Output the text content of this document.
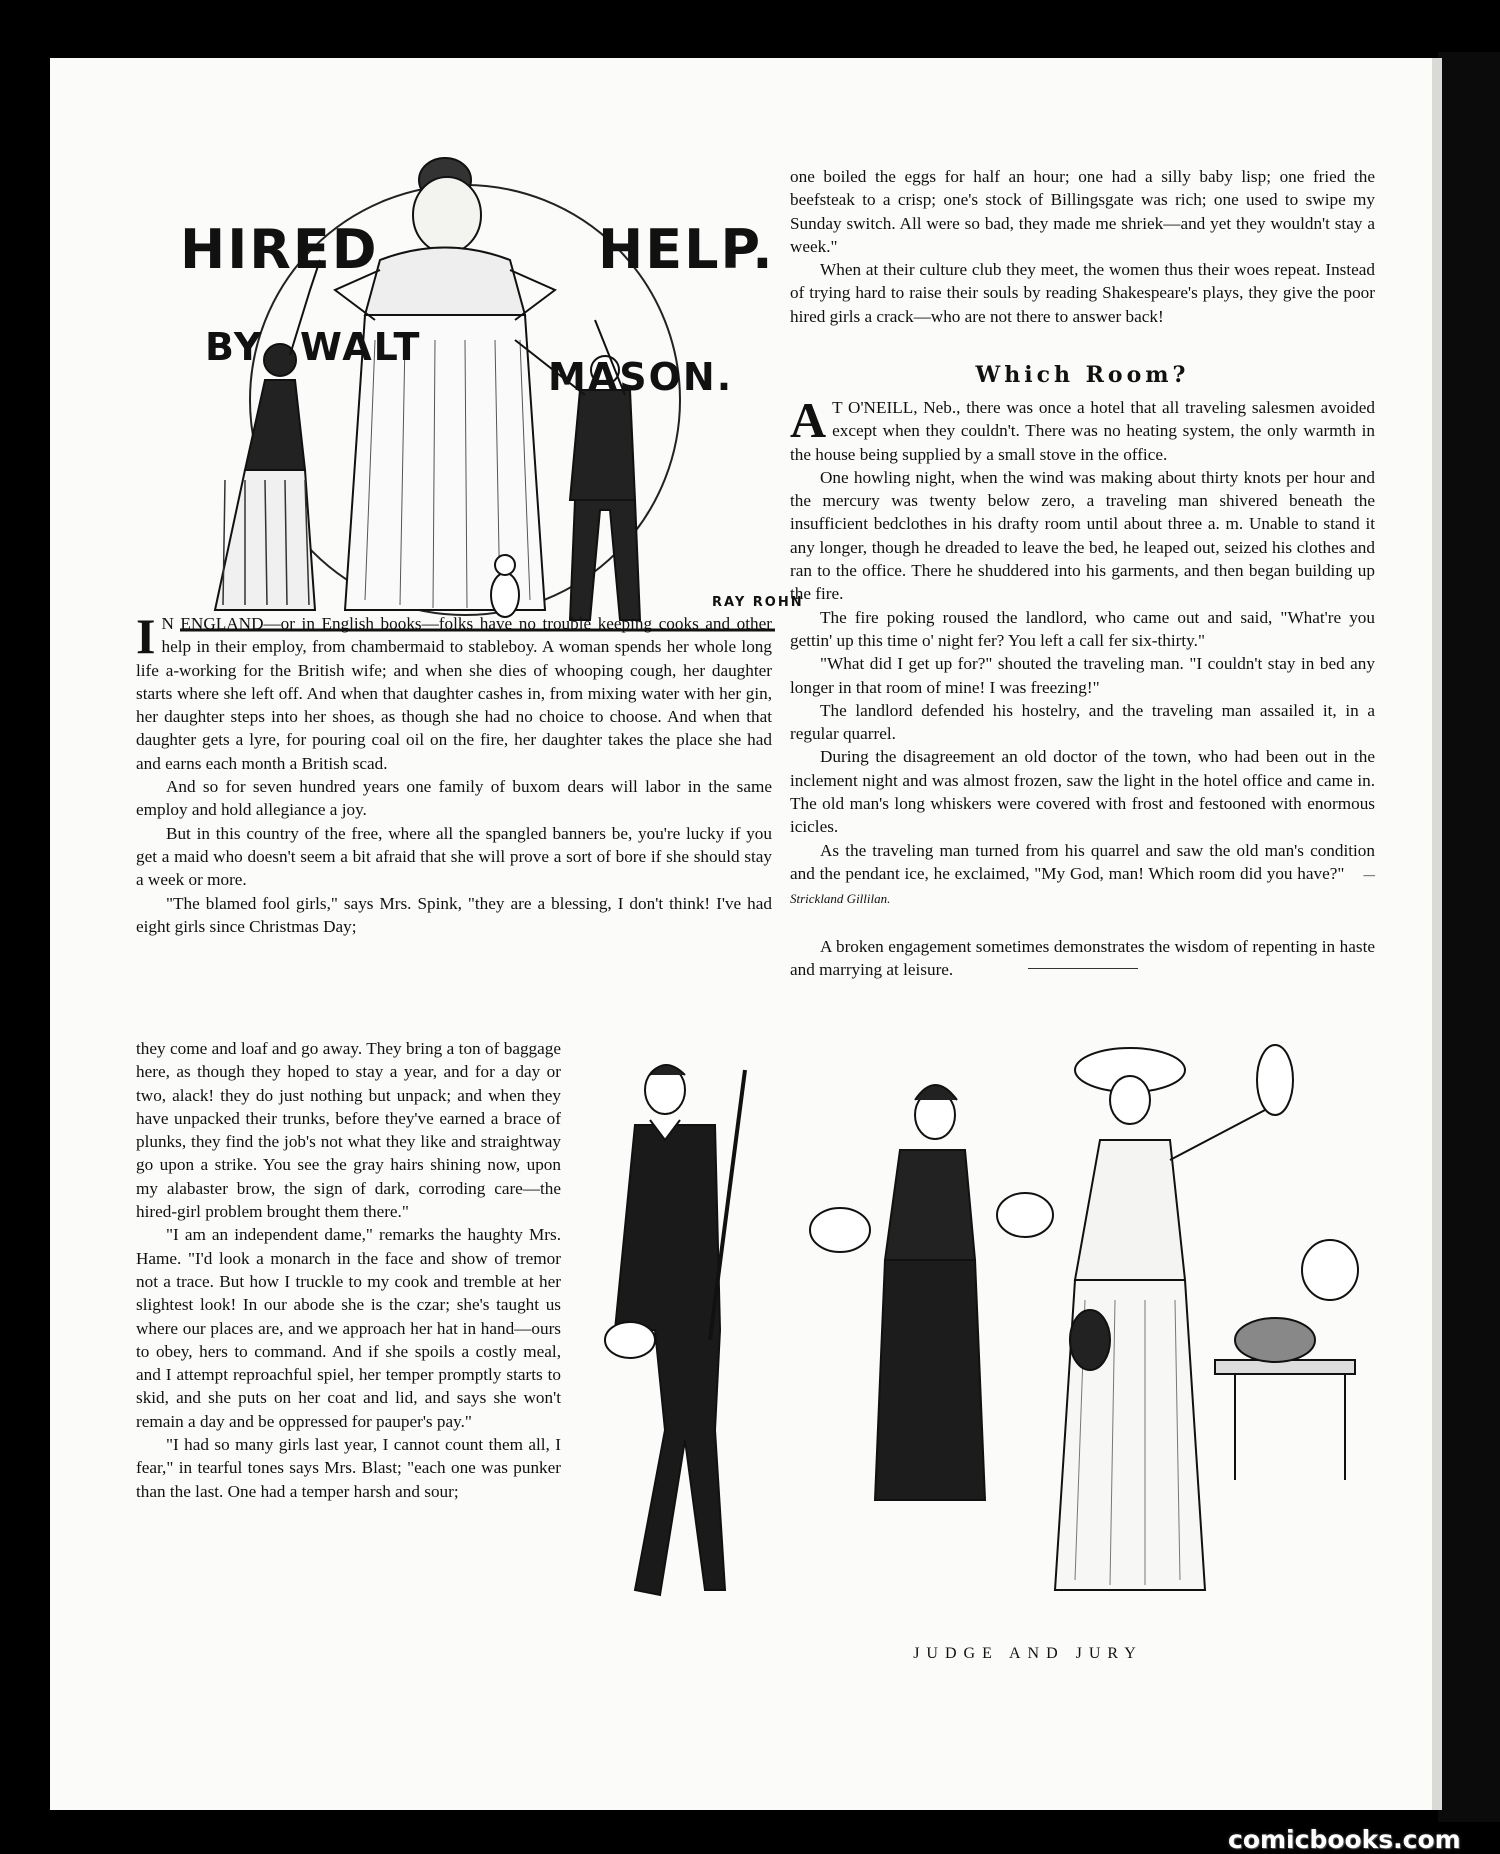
HIRED	HELP.
BY WALT
MASON.
RAY ROHN

I N ENGLAND—or in English books—folks have no trouble keeping cooks and other help in their employ, from chambermaid to stableboy. A woman spends her whole long life a-working for the British wife; and when she dies of whooping cough, her daughter starts where she left off. And when that daughter cashes in, from mixing water with her gin, her daughter steps into her shoes, as though she had no choice to choose. And when that daughter gets a lyre, for pouring coal oil on the fire, her daughter takes the place she had and earns each month a British scad.

And so for seven hundred years one family of buxom dears will labor in the same employ and hold allegiance a joy.

But in this country of the free, where all the spangled banners be, you're lucky if you get a maid who doesn't seem a bit afraid that she will prove a sort of bore if she should stay a week or more.

"The blamed fool girls," says Mrs. Spink, "they are a blessing, I don't think! I've had eight girls since Christmas Day;

they come and loaf and go away. They bring a ton of baggage here, as though they hoped to stay a year, and for a day or two, alack! they do just nothing but unpack; and when they have unpacked their trunks, before they've earned a brace of plunks, they find the job's not what they like and straightway go upon a strike. You see the gray hairs shining now, upon my alabaster brow, the sign of dark, corroding care—the hired-girl problem brought them there."

"I am an independent dame," remarks the haughty Mrs. Hame. "I'd look a monarch in the face and show of tremor not a trace. But how I truckle to my cook and tremble at her slightest look! In our abode she is the czar; she's taught us where our places are, and we approach her hat in hand—ours to obey, hers to command. And if she spoils a costly meal, and I attempt reproachful spiel, her temper promptly starts to skid, and she puts on her coat and lid, and says she won't remain a day and be oppressed for pauper's pay."

"I had so many girls last year, I cannot count them all, I fear," in tearful tones says Mrs. Blast; "each one was punker than the last. One had a temper harsh and sour;

one boiled the eggs for half an hour; one had a silly baby lisp; one fried the beefsteak to a crisp; one's stock of Billingsgate was rich; one used to swipe my Sunday switch. All were so bad, they made me shriek—and yet they wouldn't stay a week."

When at their culture club they meet, the women thus their woes repeat. Instead of trying hard to raise their souls by reading Shakespeare's plays, they give the poor hired girls a crack—who are not there to answer back!

Which Room?

A T O'NEILL, Neb., there was once a hotel that all traveling salesmen avoided except when they couldn't. There was no heating system, the only warmth in the house being supplied by a small stove in the office.

One howling night, when the wind was making about thirty knots per hour and the mercury was twenty below zero, a traveling man shivered beneath the insufficient bedclothes in his drafty room until about three a. m. Unable to stand it any longer, though he dreaded to leave the bed, he leaped out, seized his clothes and ran to the office. There he shuddered into his garments, and then began building up the fire.

The fire poking roused the landlord, who came out and said, "What're you gettin' up this time o' night fer? You left a call fer six-thirty."

"What did I get up for?" shouted the traveling man. "I couldn't stay in bed any longer in that room of mine! I was freezing!"

The landlord defended his hostelry, and the traveling man assailed it, in a regular quarrel.

During the disagreement an old doctor of the town, who had been out in the inclement night and was almost frozen, saw the light in the hotel office and came in. The old man's long whiskers were covered with frost and festooned with enormous icicles.

As the traveling man turned from his quarrel and saw the old man's condition and the pendant ice, he exclaimed, "My God, man! Which room did you have?" —Strickland Gillilan.

A broken engagement sometimes demonstrates the wisdom of repenting in haste and marrying at leisure.

JUDGE AND JURY
comicbooks.com
